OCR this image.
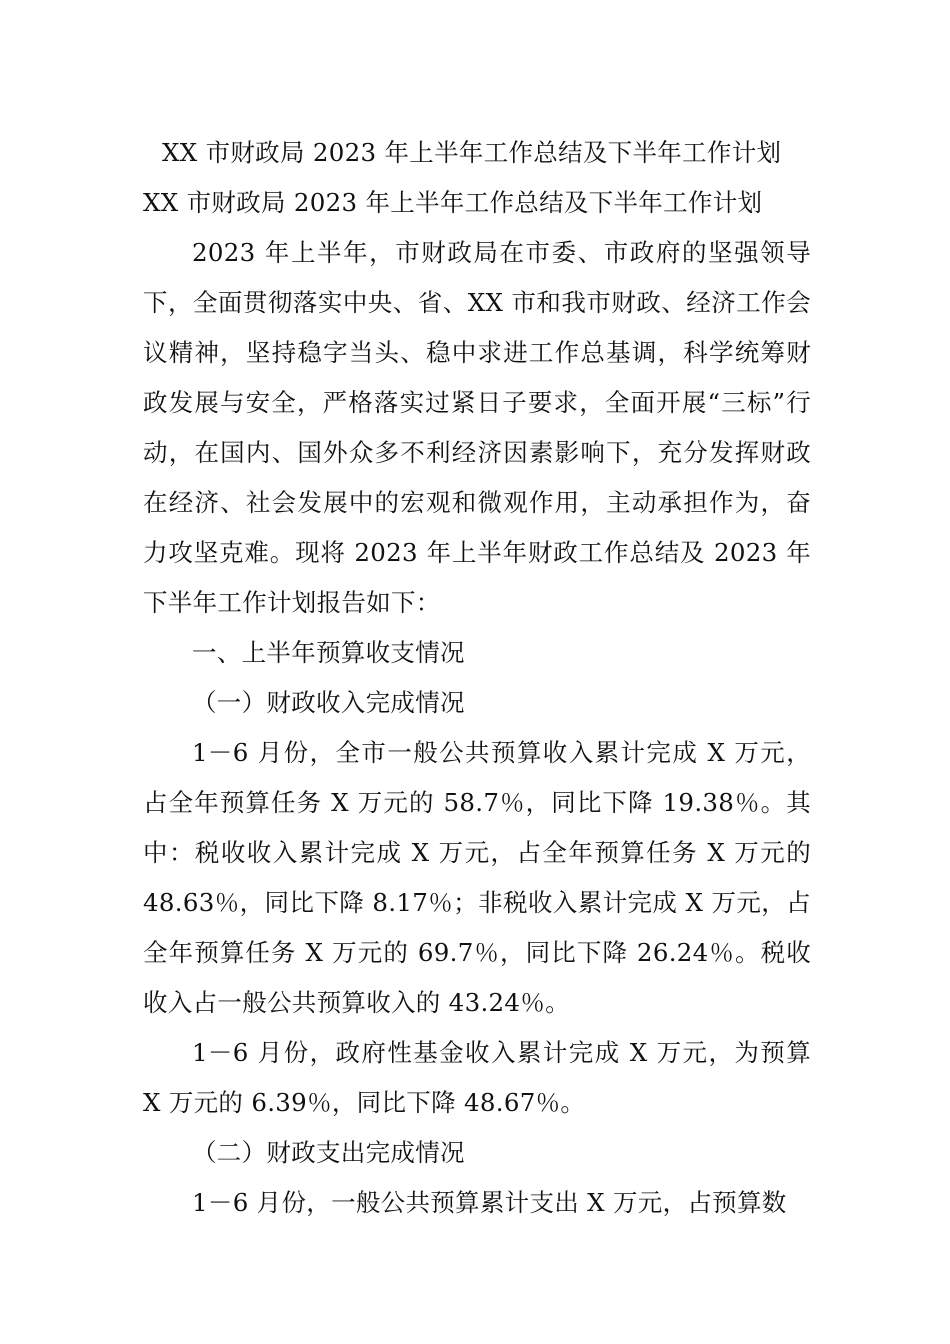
XX 市财政局 2023 年上半年工作总结及下半年工作计划

XX 市财政局 2023 年上半年工作总结及下半年工作计划

2023 年上半年，市财政局在市委、市政府的坚强领导下，全面贯彻落实中央、省、XX 市和我市财政、经济工作会议精神，坚持稳字当头、稳中求进工作总基调，科学统筹财政发展与安全，严格落实过紧日子要求，全面开展“三标”行动，在国内、国外众多不利经济因素影响下，充分发挥财政在经济、社会发展中的宏观和微观作用，主动承担作为，奋力攻坚克难。现将 2023 年上半年财政工作总结及 2023 年下半年工作计划报告如下：

一、上半年预算收支情况

（一）财政收入完成情况

1－6 月份，全市一般公共预算收入累计完成 X 万元，占全年预算任务 X 万元的 58.7％，同比下降 19.38％。其中：税收收入累计完成 X 万元，占全年预算任务 X 万元的 48.63％，同比下降 8.17％；非税收入累计完成 X 万元，占全年预算任务 X 万元的 69.7％，同比下降 26.24％。税收收入占一般公共预算收入的 43.24％。

1－6 月份，政府性基金收入累计完成 X 万元，为预算 X 万元的 6.39％，同比下降 48.67％。

（二）财政支出完成情况

1－6 月份，一般公共预算累计支出 X 万元，占预算数
